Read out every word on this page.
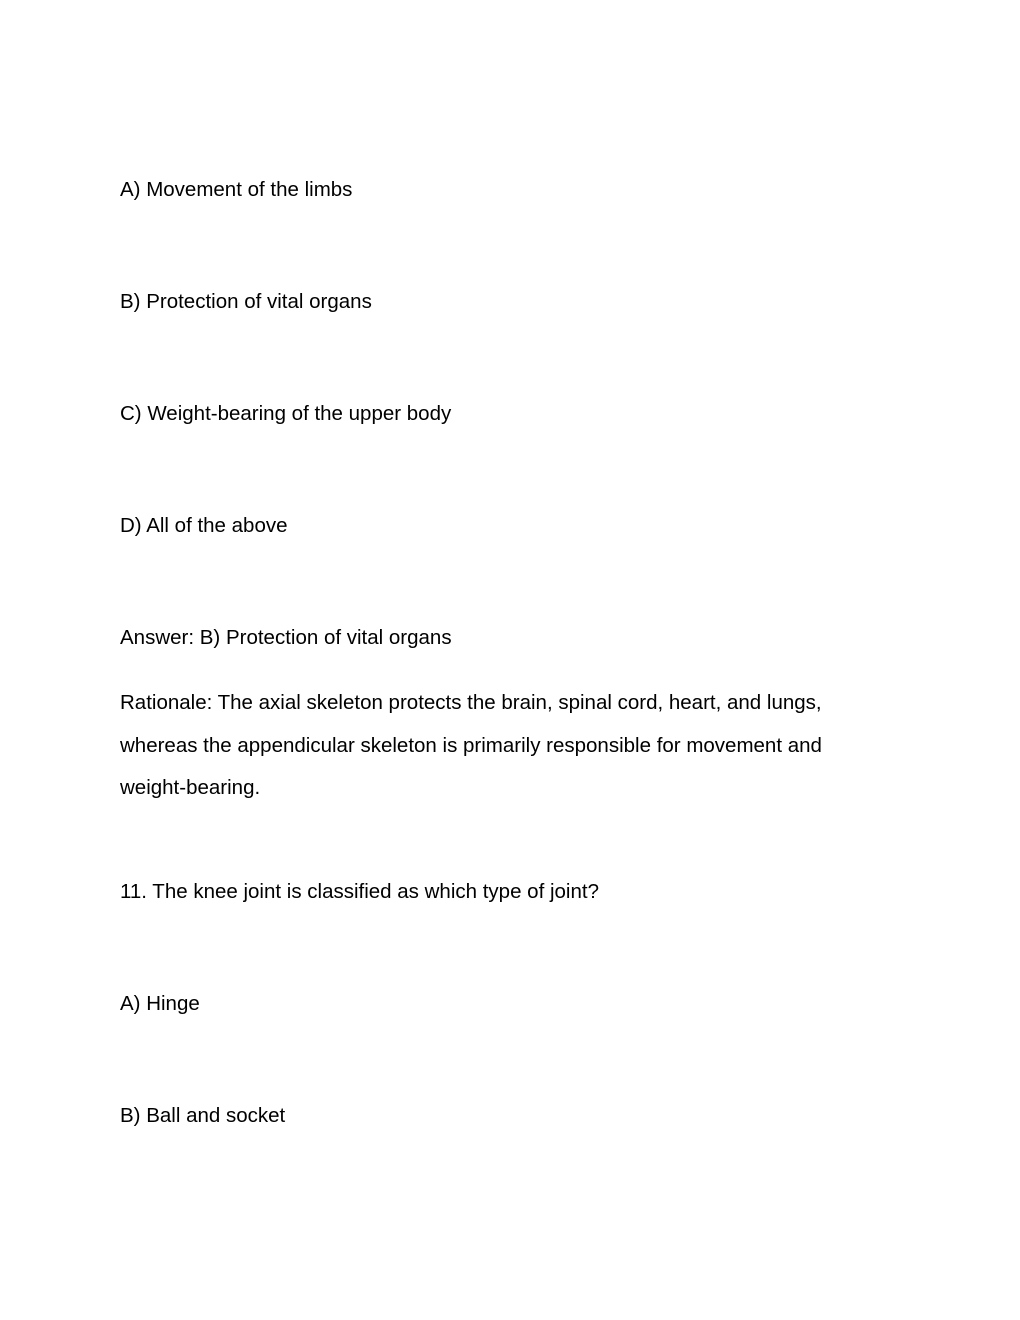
A) Movement of the limbs
B) Protection of vital organs
C) Weight-bearing of the upper body
D) All of the above
Answer: B) Protection of vital organs
Rationale: The axial skeleton protects the brain, spinal cord, heart, and lungs,
whereas the appendicular skeleton is primarily responsible for movement and
weight-bearing.
11. The knee joint is classified as which type of joint?
A) Hinge
B) Ball and socket
